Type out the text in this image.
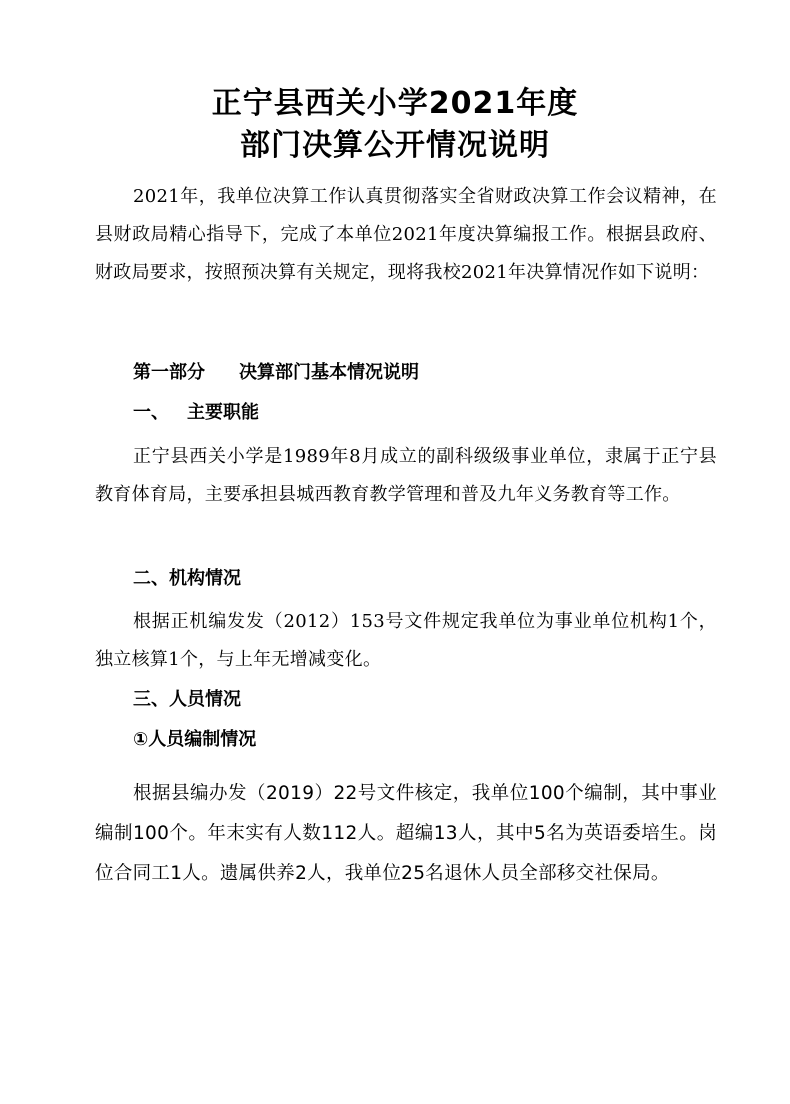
正宁县西关小学2021年度
部门决算公开情况说明

2021年，我单位决算工作认真贯彻落实全省财政决算工作会议精神，在县财政局精心指导下，完成了本单位2021年度决算编报工作。根据县政府、财政局要求，按照预决算有关规定，现将我校2021年决算情况作如下说明：

第一部分 决算部门基本情况说明
一、 主要职能

正宁县西关小学是1989年8月成立的副科级级事业单位，隶属于正宁县教育体育局，主要承担县城西教育教学管理和普及九年义务教育等工作。

二、机构情况

根据正机编发发（2012）153号文件规定我单位为事业单位机构1个，独立核算1个，与上年无增减变化。

三、人员情况
①人员编制情况

根据县编办发（2019）22号文件核定，我单位100个编制，其中事业编制100个。年末实有人数112人。超编13人，其中5名为英语委培生。岗位合同工1人。遗属供养2人，我单位25名退休人员全部移交社保局。
